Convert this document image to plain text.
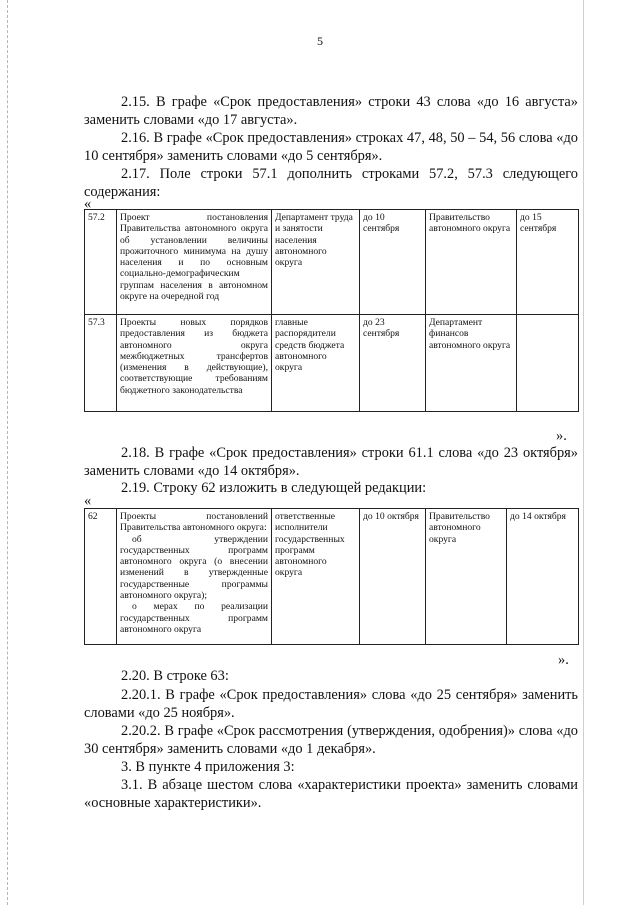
5

2.15. В графе «Срок предоставления» строки 43 слова «до 16 августа» заменить словами «до 17 августа».

2.16. В графе «Срок предоставления» строках 47, 48, 50 – 54, 56 слова «до 10 сентября» заменить словами «до 5 сентября».

2.17. Поле строки 57.1 дополнить строками 57.2, 57.3 следующего содержания:

«
57.2	Проект постановления Правительства автономного округа об установлении величины прожиточного минимума на душу населения и по основным социально-демографическим группам населения в автономном округе на очередной год	Департамент труда и занятости населения автономного округа	до 10 сентября	Правительство автономного округа	до 15 сентября
57.3	Проекты новых порядков предоставления из бюджета автономного округа межбюджетных трансфертов (изменения в действующие), соответствующие требованиям бюджетного законодательства	главные распорядители средств бюджета автономного округа	до 23 сентября	Департамент финансов автономного округа	
».

2.18. В графе «Срок предоставления» строки 61.1 слова «до 23 октября» заменить словами «до 14 октября».

2.19. Строку 62 изложить в следующей редакции:

«
62	Проекты постановлений Правительства автономного округа:
об утверждении государственных программ автономного округа (о внесении изменений в утвержденные государственные программы автономного округа);
о мерах по реализации государственных программ автономного округа
	ответственные исполнители государственных программ автономного округа	до 10 октября	Правительство автономного округа	до 14 октября
».

2.20. В строке 63:

2.20.1. В графе «Срок предоставления» слова «до 25 сентября» заменить словами «до 25 ноября».

2.20.2. В графе «Срок рассмотрения (утверждения, одобрения)» слова «до 30 сентября» заменить словами «до 1 декабря».

3. В пункте 4 приложения 3:

3.1. В абзаце шестом слова «характеристики проекта» заменить словами «основные характеристики».
